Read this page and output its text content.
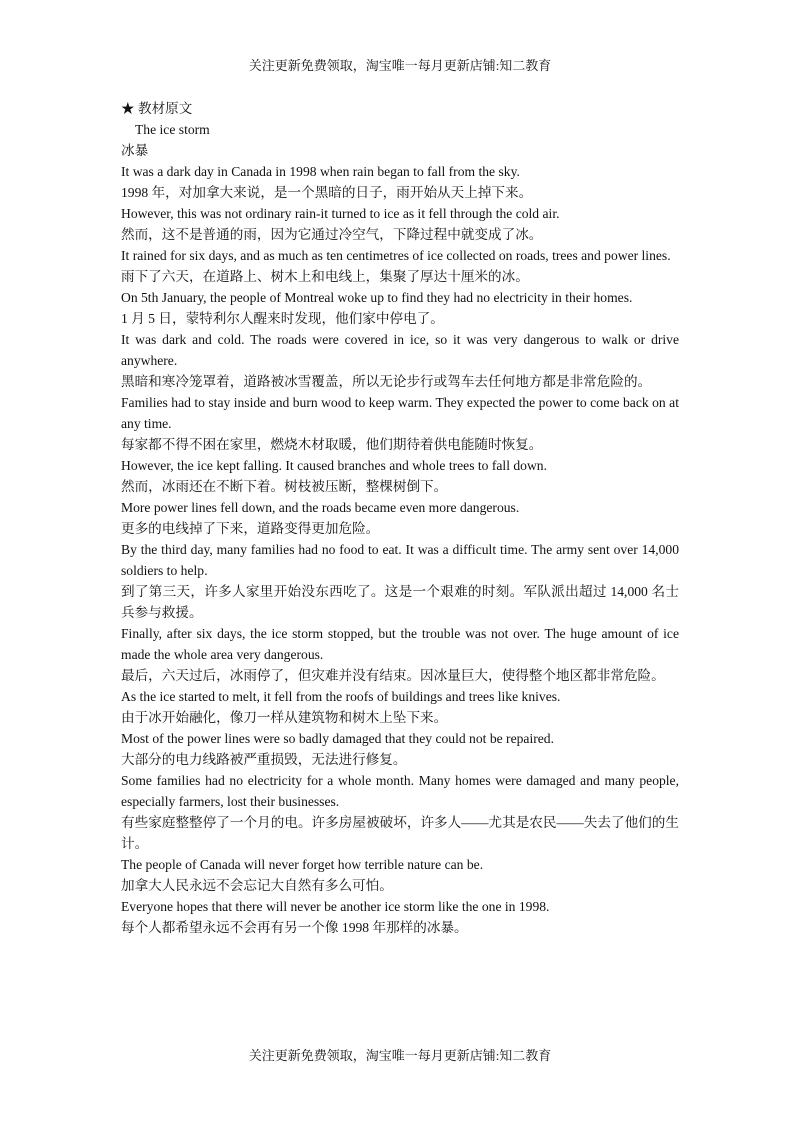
关注更新免费领取，淘宝唯一每月更新店铺:知二教育
★ 教材原文
The ice storm
冰暴
It was a dark day in Canada in 1998 when rain began to fall from the sky.
1998 年，对加拿大来说，是一个黑暗的日子，雨开始从天上掉下来。
However, this was not ordinary rain-it turned to ice as it fell through the cold air.
然而，这不是普通的雨，因为它通过冷空气，下降过程中就变成了冰。
It rained for six days, and as much as ten centimetres of ice collected on roads, trees and power lines.
雨下了六天，在道路上、树木上和电线上，集聚了厚达十厘米的冰。
On 5th January, the people of Montreal woke up to find they had no electricity in their homes.
1 月 5 日，蒙特利尔人醒来时发现，他们家中停电了。
It was dark and cold. The roads were covered in ice, so it was very dangerous to walk or drive anywhere.
黑暗和寒冷笼罩着，道路被冰雪覆盖，所以无论步行或驾车去任何地方都是非常危险的。
Families had to stay inside and burn wood to keep warm. They expected the power to come back on at any time.
每家都不得不困在家里，燃烧木材取暖，他们期待着供电能随时恢复。
However, the ice kept falling. It caused branches and whole trees to fall down.
然而，冰雨还在不断下着。树枝被压断，整棵树倒下。
More power lines fell down, and the roads became even more dangerous.
更多的电线掉了下来，道路变得更加危险。
By the third day, many families had no food to eat. It was a difficult time. The army sent over 14,000 soldiers to help.
到了第三天，许多人家里开始没东西吃了。这是一个艰难的时刻。军队派出超过 14,000 名士兵参与救援。
Finally, after six days, the ice storm stopped, but the trouble was not over. The huge amount of ice made the whole area very dangerous.
最后，六天过后，冰雨停了，但灾难并没有结束。因冰量巨大，使得整个地区都非常危险。
As the ice started to melt, it fell from the roofs of buildings and trees like knives.
由于冰开始融化，像刀一样从建筑物和树木上坠下来。
Most of the power lines were so badly damaged that they could not be repaired.
大部分的电力线路被严重损毁，无法进行修复。
Some families had no electricity for a whole month. Many homes were damaged and many people, especially farmers, lost their businesses.
有些家庭整整停了一个月的电。许多房屋被破坏，许多人——尤其是农民——失去了他们的生计。
The people of Canada will never forget how terrible nature can be.
加拿大人民永远不会忘记大自然有多么可怕。
Everyone hopes that there will never be another ice storm like the one in 1998.
每个人都希望永远不会再有另一个像 1998 年那样的冰暴。
关注更新免费领取，淘宝唯一每月更新店铺:知二教育
